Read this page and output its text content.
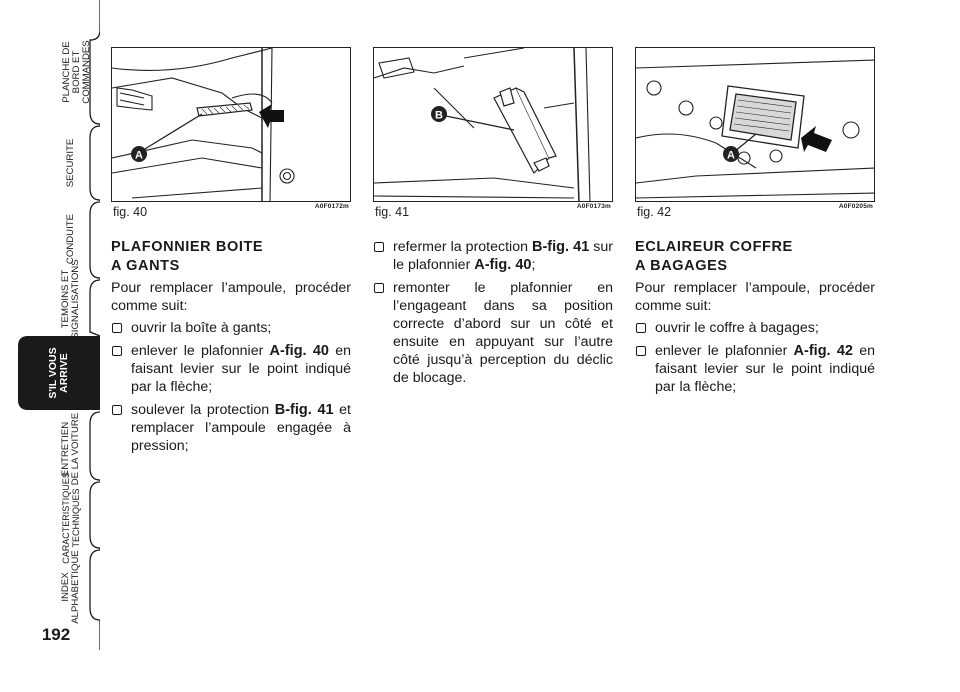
PLANCHE DE BORD ET COMMANDES
SECURITE
CONDUITE
TEMOINS ET SIGNALISATIONS
S'IL VOUS ARRIVE
ENTRETIEN DE LA VOITURE
CARACTERISTIQUES TECHNIQUES
INDEX ALPHABETIQUE
192
A
fig. 40	A0F0172m
B
fig. 41	A0F0173m
A
fig. 42	A0F0205m
PLAFONNIER BOITE
A GANTS

Pour remplacer l’ampoule, procéder comme suit:

ouvrir la boîte à gants;
enlever le plafonnier A-fig. 40 en faisant levier sur le point indiqué par la flèche;
soulever la protection B-fig. 41 et remplacer l’ampoule engagée à pression;
refermer la protection B-fig. 41 sur le plafonnier A-fig. 40;
remonter le plafonnier en l’engageant dans sa position correcte d’abord sur un côté et ensuite en appuyant sur l’autre côté jusqu’à perception du déclic de blocage.
ECLAIREUR COFFRE
A BAGAGES

Pour remplacer l’ampoule, procéder comme suit:

ouvrir le coffre à bagages;
enlever le plafonnier A-fig. 42 en faisant levier sur le point indiqué par la flèche;
